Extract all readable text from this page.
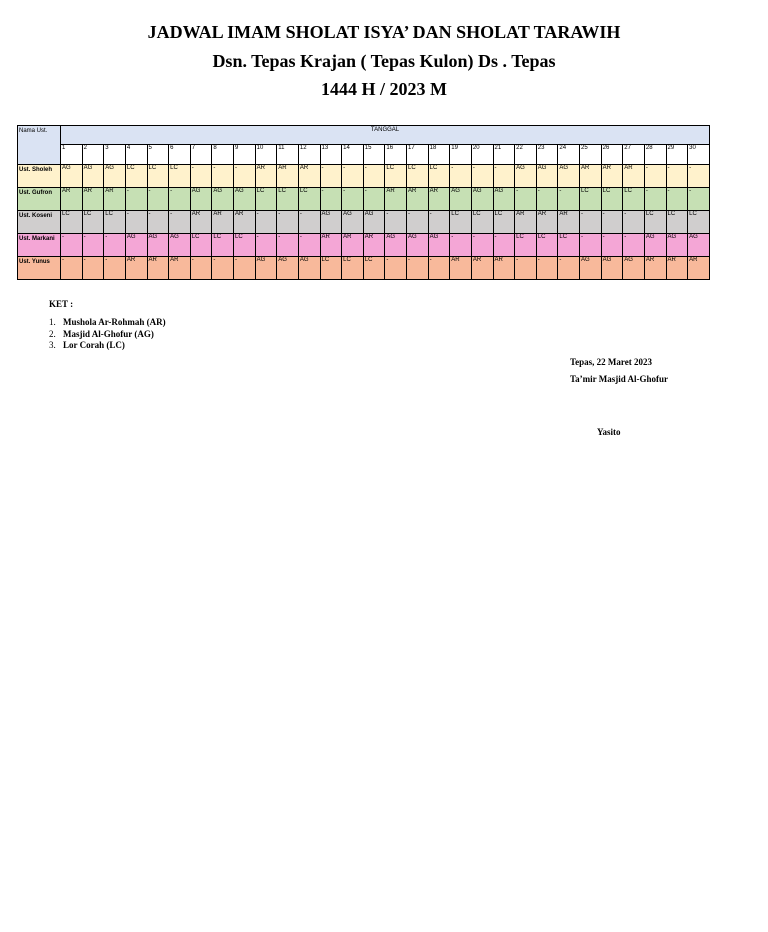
JADWAL IMAM SHOLAT ISYA’ DAN SHOLAT TARAWIH
Dsn. Tepas Krajan ( Tepas Kulon) Ds . Tepas
1444 H / 2023 M
Nama Ust.	TANGGAL																													
	1	2	3	4	5	6	7	8	9	10	11	12	13	14	15	16	17	18	19	20	21	22	23	24	25	26	27	28	29	30
Ust. Sholeh	AG	AG	AG	LC	LC	LC	-	-	-	AR	AR	AR	-	-	-	LC	LC	LC	-	-	-	AG	AG	AG	AR	AR	AR	-	-	-
Ust. Gufron	AR	AR	AR	-	-	-	AG	AG	AG	LC	LC	LC	-	-	-	AR	AR	AR	AG	AG	AG	-	-	-	LC	LC	LC	-	-	-
Ust. Koseni	LC	LC	LC	-	-	-	AR	AR	AR	-	-	-	AG	AG	AG	-	-	-	LC	LC	LC	AR	AR	AR	-	-	-	LC	LC	LC
Ust. Markani	-	-	-	AG	AG	AG	LC	LC	LC	-	-	-	AR	AR	AR	AG	AG	AG	-	-	-	LC	LC	LC	-	-	-	AG	AG	AG
Ust. Yunus	-	-	-	AR	AR	AR	-	-	-	AG	AG	AG	LC	LC	LC	-	-	-	AR	AR	AR	-	-	-	AG	AG	AG	AR	AR	AR
KET :
1. Mushola Ar-Rohmah (AR)
2. Masjid Al-Ghofur (AG)
3. Lor Corah (LC)
Tepas, 22 Maret 2023
Ta’mir Masjid Al-Ghofur
Yasito
